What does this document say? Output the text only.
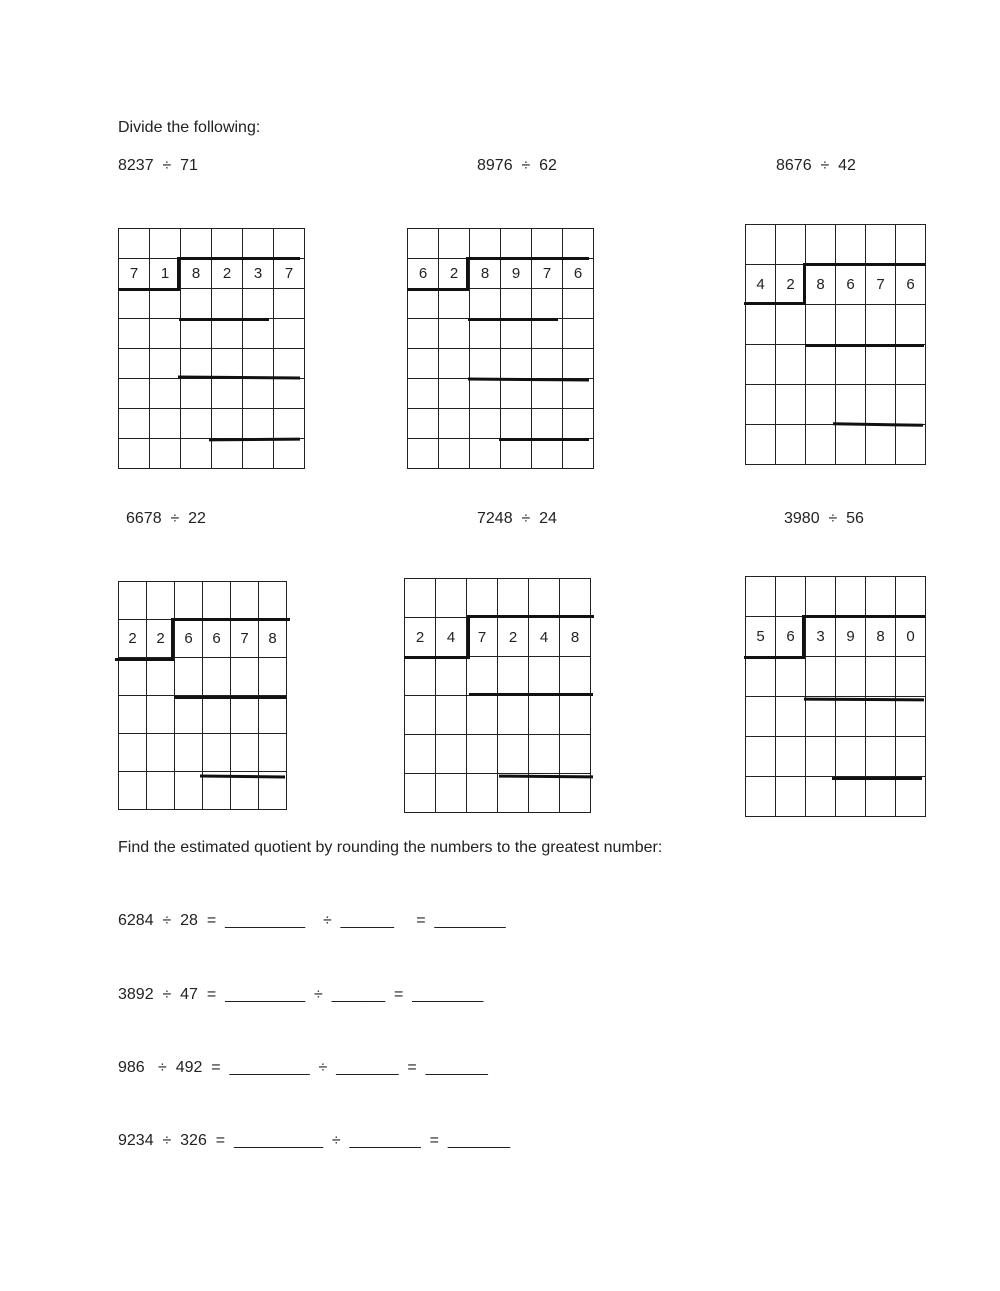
Divide the following:
8237  ÷  71	8976  ÷  62	8676  ÷  42
6678  ÷  22	7248  ÷  24	3980  ÷  56

7	1	8	2	3	7

						6	2	8	9	7	6

4	2	8	6	7	6

2	2	6	6	7	8

						2	4	7	2	4	8

						5	6	3	9	8	0

Find the estimated quotient by rounding the numbers to the greatest number:
6284  ÷  28  =  _________    ÷  ______     =  ________
3892  ÷  47  =  _________  ÷  ______  =  ________
986   ÷  492  =  _________  ÷  _______  =  _______
9234  ÷  326  =  __________  ÷  ________  =  _______
